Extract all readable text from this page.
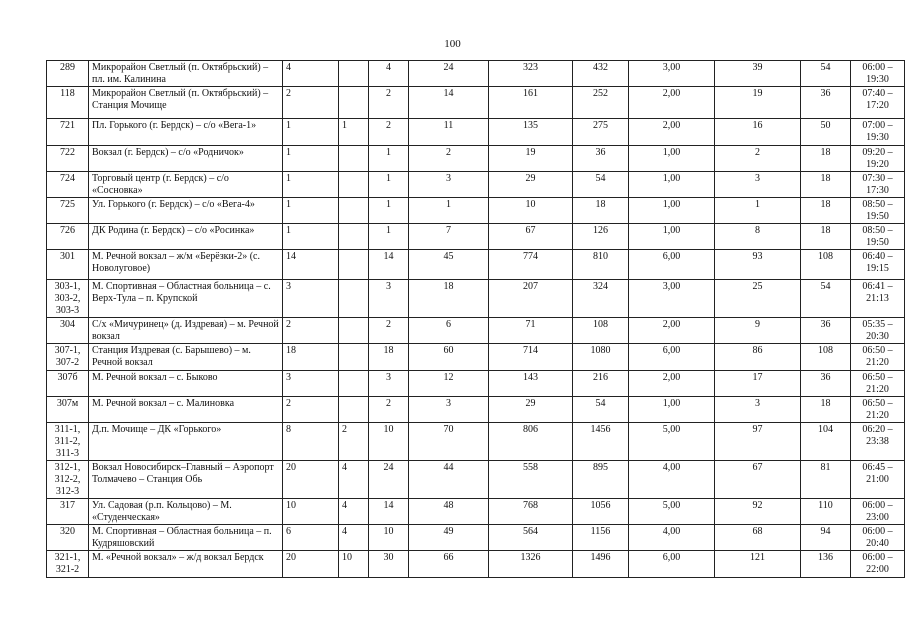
100
289	Микрорайон Светлый (п. Октябрьский) – пл. им. Калинина	4		4	24	323	432	3,00	39	54	06:00 – 19:30
118	Микрорайон Светлый (п. Октябрьский) – Станция Мочище	2		2	14	161	252	2,00	19	36	07:40 – 17:20
721	Пл. Горького (г. Бердск) – с/о «Вега-1»	1	1	2	11	135	275	2,00	16	50	07:00 – 19:30
722	Вокзал (г. Бердск) – с/о «Родничок»	1		1	2	19	36	1,00	2	18	09:20 – 19:20
724	Торговый центр (г. Бердск) – с/о «Сосновка»	1		1	3	29	54	1,00	3	18	07:30 – 17:30
725	Ул. Горького (г. Бердск) – с/о «Вега-4»	1		1	1	10	18	1,00	1	18	08:50 – 19:50
726	ДК Родина (г. Бердск) – с/о «Росинка»	1		1	7	67	126	1,00	8	18	08:50 – 19:50
301	М. Речной вокзал – ж/м «Берёзки-2» (с. Новолуговое)	14		14	45	774	810	6,00	93	108	06:40 – 19:15
303-1, 303-2, 303-3	М. Спортивная – Областная больница – с. Верх-Тула – п. Крупской	3		3	18	207	324	3,00	25	54	06:41 – 21:13
304	С/х «Мичуринец» (д. Издревая) – м. Речной вокзал	2		2	6	71	108	2,00	9	36	05:35 – 20:30
307-1, 307-2	Станция Издревая (с. Барышево) – м. Речной вокзал	18		18	60	714	1080	6,00	86	108	06:50 – 21:20
307б	М. Речной вокзал – с. Быково	3		3	12	143	216	2,00	17	36	06:50 – 21:20
307м	М. Речной вокзал – с. Малиновка	2		2	3	29	54	1,00	3	18	06:50 – 21:20
311-1, 311-2, 311-3	Д.п. Мочище – ДК «Горького»	8	2	10	70	806	1456	5,00	97	104	06:20 – 23:38
312-1, 312-2, 312-3	Вокзал Новосибирск–Главный – Аэропорт Толмачево – Станция Обь	20	4	24	44	558	895	4,00	67	81	06:45 – 21:00
317	Ул. Садовая (р.п. Кольцово) – М. «Студенческая»	10	4	14	48	768	1056	5,00	92	110	06:00 – 23:00
320	М. Спортивная – Областная больница – п. Кудряшовский	6	4	10	49	564	1156	4,00	68	94	06:00 – 20:40
321-1, 321-2	М. «Речной вокзал» – ж/д вокзал Бердск	20	10	30	66	1326	1496	6,00	121	136	06:00 – 22:00
